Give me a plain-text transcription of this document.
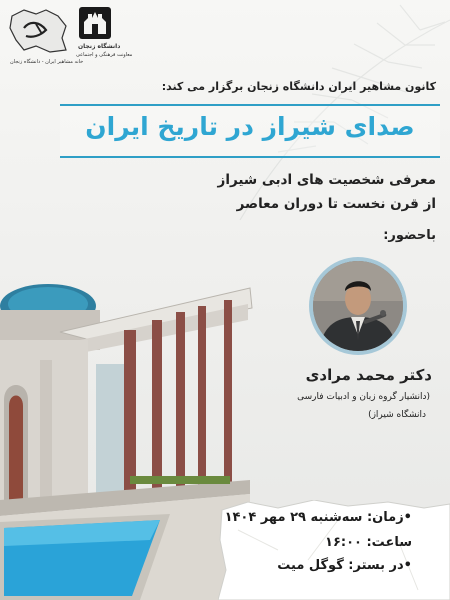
خانه مشاهیر ایران - دانشگاه زنجان
دانشگاه زنجان
معاونت فرهنگی و اجتماعی
کانون مشاهیر ایران دانشگاه زنجان برگزار می کند:
صدای شیراز در تاریخ ایران
معرفی شخصیت های ادبی شیراز
از قرن نخست تا دوران معاصر
باحضور:
دکتر محمد مرادی
(دانشیار گروه زبان و ادبیات فارسی
دانشگاه شیراز)
•زمان: سه‌شنبه ۲۹ مهر ۱۴۰۴
ساعت: ۱۶:۰۰
•در بستر: گوگل میت
